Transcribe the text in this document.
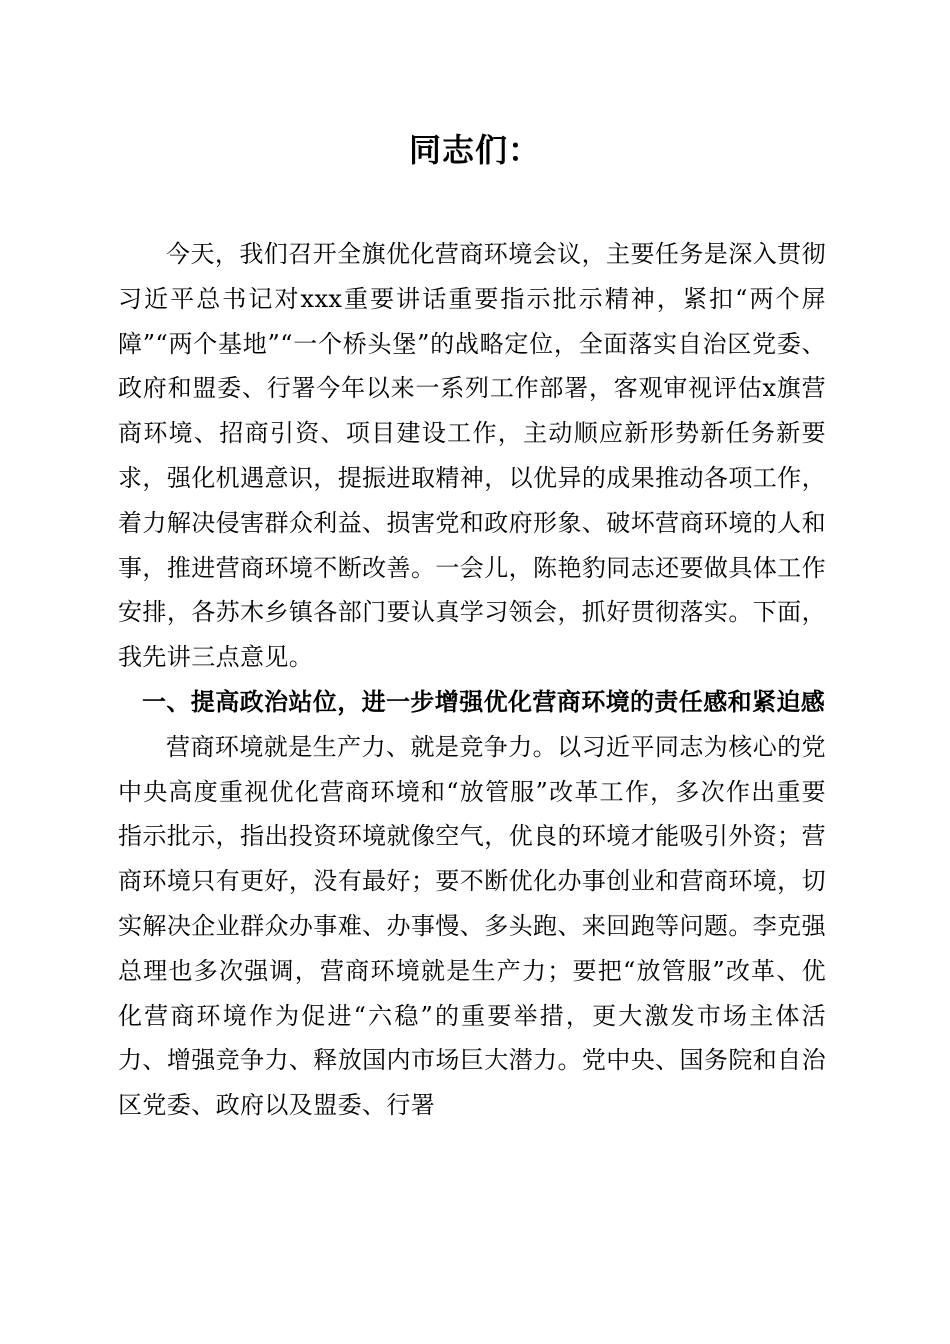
同志们：

今天，我们召开全旗优化营商环境会议，主要任务是深入贯彻习近平总书记对xxx重要讲话重要指示批示精神，紧扣“两个屏障”“两个基地”“一个桥头堡”的战略定位，全面落实自治区党委、政府和盟委、行署今年以来一系列工作部署，客观审视评估x旗营商环境、招商引资、项目建设工作，主动顺应新形势新任务新要求，强化机遇意识，提振进取精神，以优异的成果推动各项工作，着力解决侵害群众利益、损害党和政府形象、破坏营商环境的人和事，推进营商环境不断改善。一会儿，陈艳豹同志还要做具体工作安排，各苏木乡镇各部门要认真学习领会，抓好贯彻落实。下面，我先讲三点意见。

一、提高政治站位，进一步增强优化营商环境的责任感和紧迫感

营商环境就是生产力、就是竞争力。以习近平同志为核心的党中央高度重视优化营商环境和“放管服”改革工作，多次作出重要指示批示，指出投资环境就像空气，优良的环境才能吸引外资；营商环境只有更好，没有最好；要不断优化办事创业和营商环境，切实解决企业群众办事难、办事慢、多头跑、来回跑等问题。李克强总理也多次强调，营商环境就是生产力；要把“放管服”改革、优化营商环境作为促进“六稳”的重要举措，更大激发市场主体活力、增强竞争力、释放国内市场巨大潜力。党中央、国务院和自治区党委、政府以及盟委、行署
